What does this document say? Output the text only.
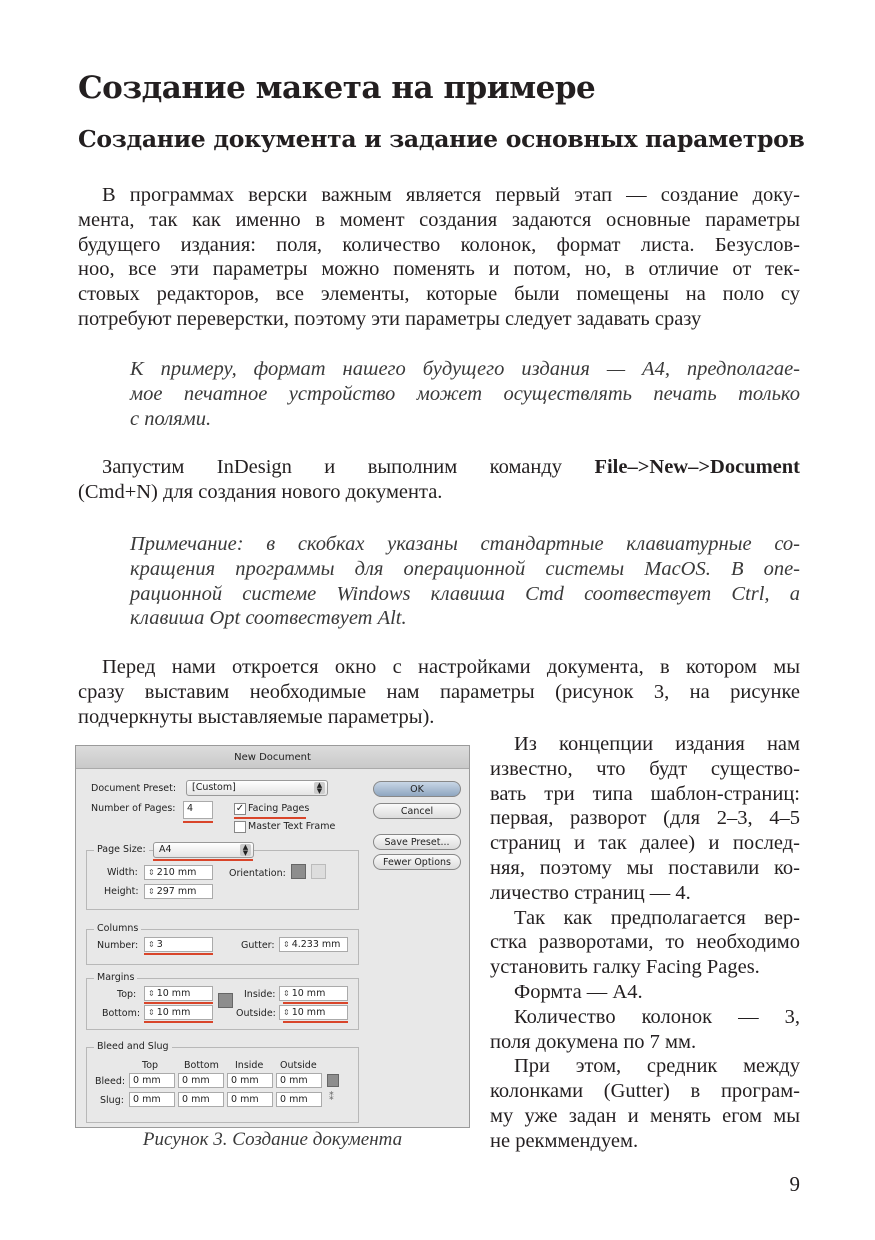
Создание макета на примере
Создание документа и задание основных параметров
В программах верски важным является первый этап — создание доку-
мента, так как именно в момент создания задаются основные параметры
будущего издания: поля, количество колонок, формат листа. Безуслов-
ноо, все эти параметры можно поменять и потом, но, в отличие от тек-
стовых редакторов, все элементы, которые были помещены на поло су
потребуют переверстки, поэтому эти параметры следует задавать сразу
К примеру, формат нашего будущего издания — А4, предполагае-
мое печатное устройство может осуществлять печать только
с полями.
Запустим InDesign и выполним команду File–>New–>Document
(Cmd+N) для создания нового документа.
Примечание: в скобках указаны стандартные клавиатурные со-
кращения программы для операционной системы MacOS. В опе-
рационной системе Windows клавиша Cmd соотвествует Ctrl, а
клавиша Opt соотвествует Alt.
Перед нами откроется окно с настройками документа, в котором мы
сразу выставим необходимые нам параметры (рисунок 3, на рисунке
подчеркнуты выставляемые параметры).
Из концепции издания нам
известно, что будт существо-
вать три типа шаблон-страниц:
первая, разворот (для 2–3, 4–5
страниц и так далее) и послед-
няя, поэтому мы поставили ко-
личество страниц — 4.
Так как предполагается вер-
стка разворотами, то необходимо
установить галку Facing Pages.
Формта — А4.
Количество колонок — 3,
поля докумена по 7 мм.
При этом, средник между
колонками (Gutter) в програм-
му уже задан и менять егом мы
не рекммендуем.
New Document
Document Preset:	[Custom]	▲
▼
Number of Pages:	4	✓ Facing Pages
Master Text Frame
OK
Cancel
Save Preset...
Fewer Options
Page Size:	A4	▲
▼
Width:	⇕ 210 mm
Height:	⇕ 297 mm
Orientation:
Columns
Number:	⇕ 3	Gutter:	⇕ 4.233 mm
Margins
Top:	⇕ 10 mm
Bottom: ⇕ 10 mm
Inside: ⇕ 10 mm
Outside: ⇕ 10 mm
Bleed and Slug
Top	Bottom Inside Outside
Bleed: 0 mm	0 mm	0 mm	0 mm
Slug: 0 mm	0 mm	0 mm	0 mm	⁑
Рисунок 3. Создание документа
9
